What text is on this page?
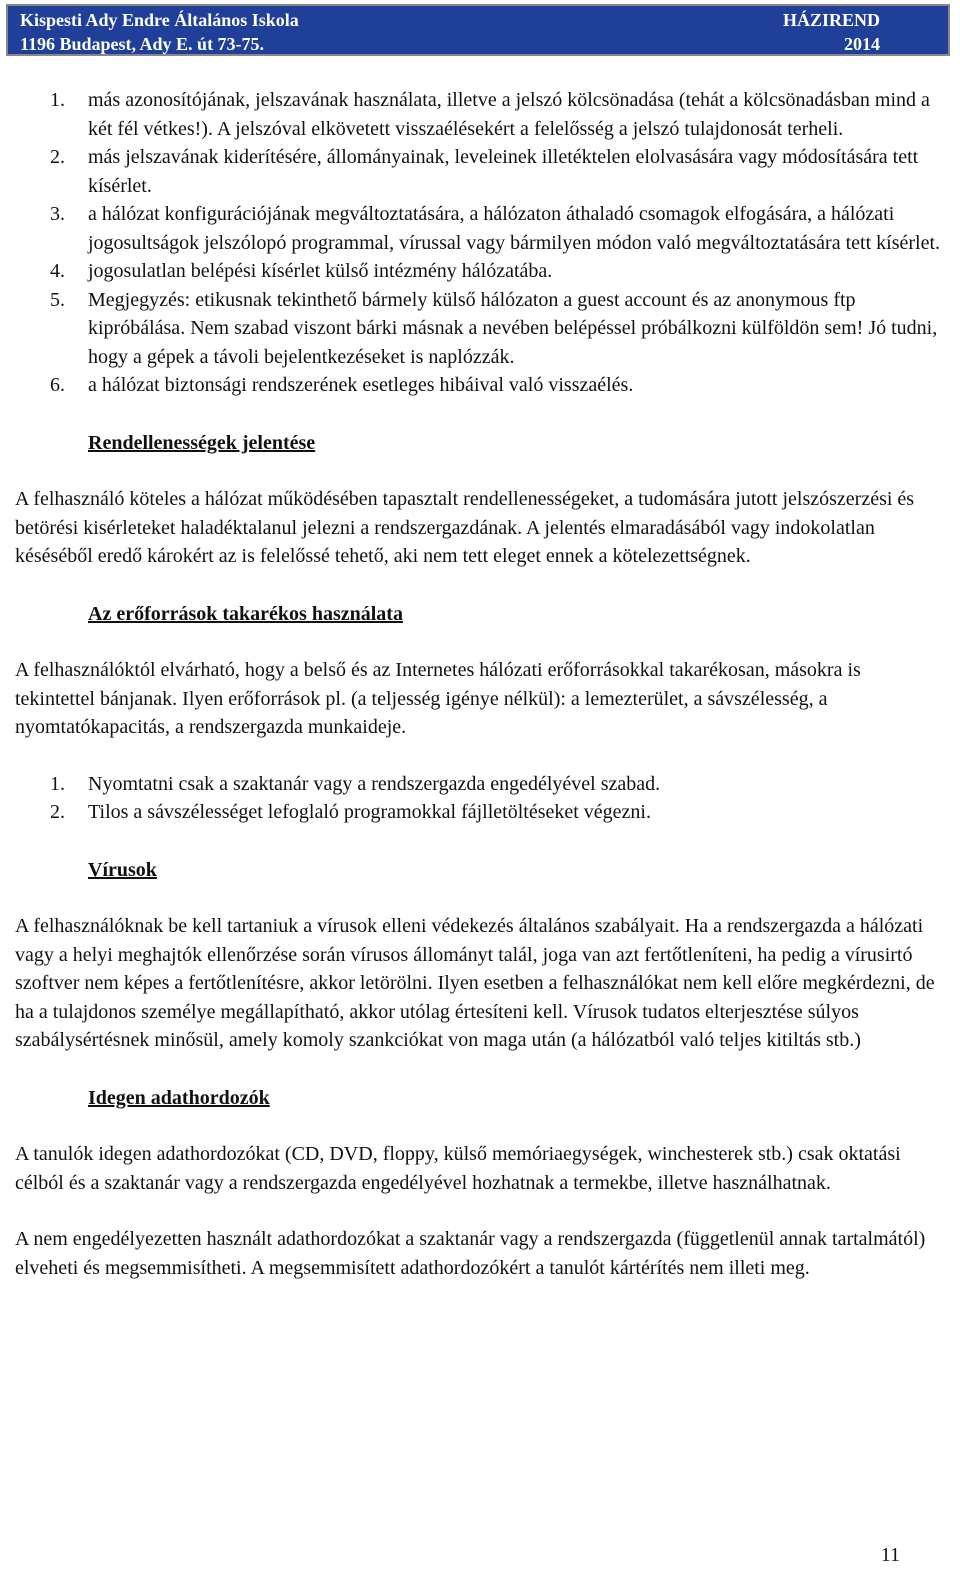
Kispesti Ady Endre Általános Iskola
1196 Budapest, Ady E. út 73-75.
HÁZIREND
2014
1. más azonosítójának, jelszavának használata, illetve a jelszó kölcsönadása (tehát a kölcsönadásban mind a két fél vétkes!). A jelszóval elkövetett visszaélésekért a felelősség a jelszó tulajdonosát terheli.
2. más jelszavának kiderítésére, állományainak, leveleinek illetéktelen elolvasására vagy módosítására tett kísérlet.
3. a hálózat konfigurációjának megváltoztatására, a hálózaton áthaladó csomagok elfogására, a hálózati jogosultságok jelszólopó programmal, vírussal vagy bármilyen módon való megváltoztatására tett kísérlet.
4. jogosulatlan belépési kísérlet külső intézmény hálózatába.
5. Megjegyzés: etikusnak tekinthető bármely külső hálózaton a guest account és az anonymous ftp kipróbálása. Nem szabad viszont bárki másnak a nevében belépéssel próbálkozni külföldön sem! Jó tudni, hogy a gépek a távoli bejelentkezéseket is naplózzák.
6. a hálózat biztonsági rendszerének esetleges hibáival való visszaélés.
Rendellenességek jelentése

A felhasználó köteles a hálózat működésében tapasztalt rendellenességeket, a tudomására jutott jelszószerzési és betörési kisérleteket haladéktalanul jelezni a rendszergazdának. A jelentés elmaradásából vagy indokolatlan késéséből eredő károkért az is felelőssé tehető, aki nem tett eleget ennek a kötelezettségnek.

Az erőforrások takarékos használata

A felhasználóktól elvárható, hogy a belső és az Internetes hálózati erőforrásokkal takarékosan, másokra is tekintettel bánjanak. Ilyen erőforrások pl. (a teljesség igénye nélkül): a lemezterület, a sávszélesség, a nyomtatókapacitás, a rendszergazda munkaideje.

1. Nyomtatni csak a szaktanár vagy a rendszergazda engedélyével szabad.
2. Tilos a sávszélességet lefoglaló programokkal fájlletöltéseket végezni.
Vírusok

A felhasználóknak be kell tartaniuk a vírusok elleni védekezés általános szabályait. Ha a rendszergazda a hálózati vagy a helyi meghajtók ellenőrzése során vírusos állományt talál, joga van azt fertőtleníteni, ha pedig a vírusirtó szoftver nem képes a fertőtlenítésre, akkor letörölni. Ilyen esetben a felhasználókat nem kell előre megkérdezni, de ha a tulajdonos személye megállapítható, akkor utólag értesíteni kell. Vírusok tudatos elterjesztése súlyos szabálysértésnek minősül, amely komoly szankciókat von maga után (a hálózatból való teljes kitiltás stb.)

Idegen adathordozók

A tanulók idegen adathordozókat (CD, DVD, floppy, külső memóriaegységek, winchesterek stb.) csak oktatási célból és a szaktanár vagy a rendszergazda engedélyével hozhatnak a termekbe, illetve használhatnak.

A nem engedélyezetten használt adathordozókat a szaktanár vagy a rendszergazda (függetlenül annak tartalmától) elveheti és megsemmisítheti. A megsemmisített adathordozókért a tanulót kártérítés nem illeti meg.

11
